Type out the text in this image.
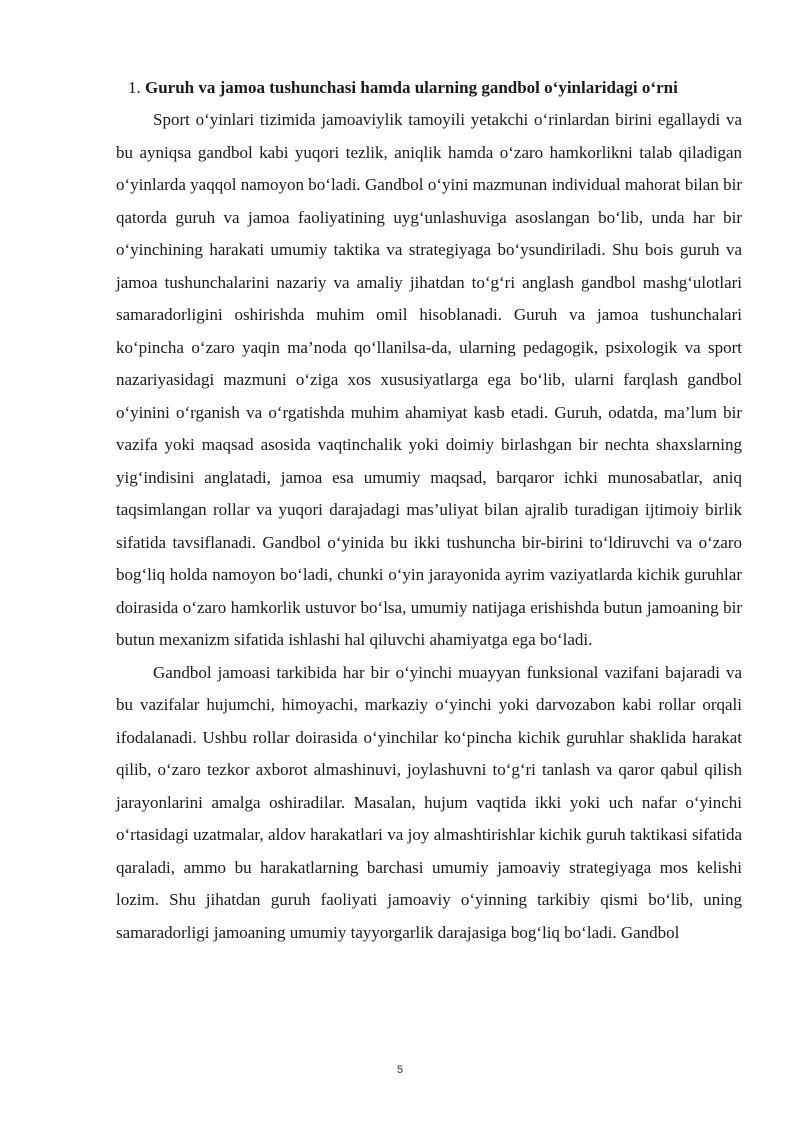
1. Guruh va jamoa tushunchasi hamda ularning gandbol o‘yinlaridagi o‘rni

Sport o‘yinlari tizimida jamoaviylik tamoyili yetakchi o‘rinlardan birini egallaydi va bu ayniqsa gandbol kabi yuqori tezlik, aniqlik hamda o‘zaro hamkorlikni talab qiladigan o‘yinlarda yaqqol namoyon bo‘ladi. Gandbol o‘yini mazmunan individual mahorat bilan bir qatorda guruh va jamoa faoliyatining uyg‘unlashuviga asoslangan bo‘lib, unda har bir o‘yinchining harakati umumiy taktika va strategiyaga bo‘ysundiriladi. Shu bois guruh va jamoa tushunchalarini nazariy va amaliy jihatdan to‘g‘ri anglash gandbol mashg‘ulotlari samaradorligini oshirishda muhim omil hisoblanadi. Guruh va jamoa tushunchalari ko‘pincha o‘zaro yaqin ma’noda qo‘llanilsa-da, ularning pedagogik, psixologik va sport nazariyasidagi mazmuni o‘ziga xos xususiyatlarga ega bo‘lib, ularni farqlash gandbol o‘yinini o‘rganish va o‘rgatishda muhim ahamiyat kasb etadi. Guruh, odatda, ma’lum bir vazifa yoki maqsad asosida vaqtinchalik yoki doimiy birlashgan bir nechta shaxslarning yig‘indisini anglatadi, jamoa esa umumiy maqsad, barqaror ichki munosabatlar, aniq taqsimlangan rollar va yuqori darajadagi mas’uliyat bilan ajralib turadigan ijtimoiy birlik sifatida tavsiflanadi. Gandbol o‘yinida bu ikki tushuncha bir-birini to‘ldiruvchi va o‘zaro bog‘liq holda namoyon bo‘ladi, chunki o‘yin jarayonida ayrim vaziyatlarda kichik guruhlar doirasida o‘zaro hamkorlik ustuvor bo‘lsa, umumiy natijaga erishishda butun jamoaning bir butun mexanizm sifatida ishlashi hal qiluvchi ahamiyatga ega bo‘ladi.

Gandbol jamoasi tarkibida har bir o‘yinchi muayyan funksional vazifani bajaradi va bu vazifalar hujumchi, himoyachi, markaziy o‘yinchi yoki darvozabon kabi rollar orqali ifodalanadi. Ushbu rollar doirasida o‘yinchilar ko‘pincha kichik guruhlar shaklida harakat qilib, o‘zaro tezkor axborot almashinuvi, joylashuvni to‘g‘ri tanlash va qaror qabul qilish jarayonlarini amalga oshiradilar. Masalan, hujum vaqtida ikki yoki uch nafar o‘yinchi o‘rtasidagi uzatmalar, aldov harakatlari va joy almashtirishlar kichik guruh taktikasi sifatida qaraladi, ammo bu harakatlarning barchasi umumiy jamoaviy strategiyaga mos kelishi lozim. Shu jihatdan guruh faoliyati jamoaviy o‘yinning tarkibiy qismi bo‘lib, uning samaradorligi jamoaning umumiy tayyorgarlik darajasiga bog‘liq bo‘ladi. Gandbol

5
